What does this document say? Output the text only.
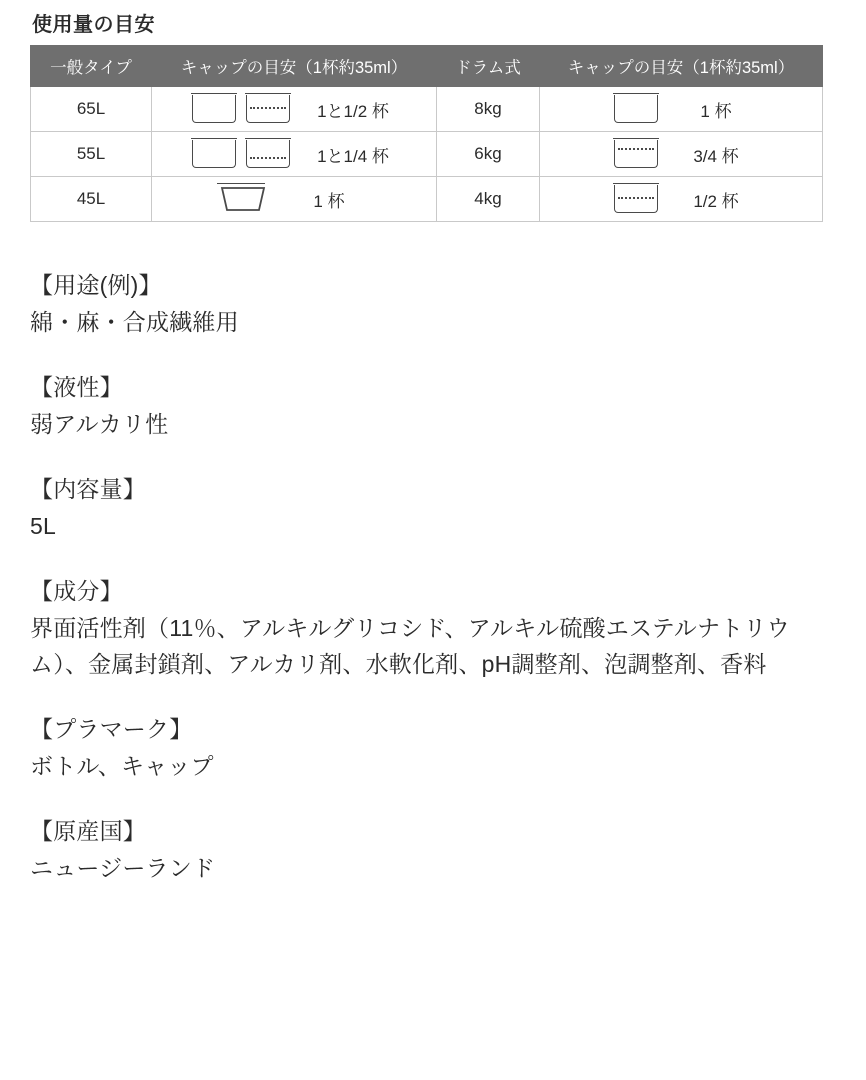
使用量の目安
一般タイプ	キャップの目安（1杯約35ml）	ドラム式	キャップの目安（1杯約35ml）
65L	1と1/2 杯	8kg	1 杯

55L	1と1/4 杯	6kg	3/4 杯

45L	1 杯	4kg	1/2 杯

【用途(例)】

綿・麻・合成繊維用

【液性】

弱アルカリ性

【内容量】

5L

【成分】

界面活性剤（11％、アルキルグリコシド、アルキル硫酸エステルナトリウム）、金属封鎖剤、アルカリ剤、水軟化剤、pH調整剤、泡調整剤、香料

【プラマーク】

ボトル、キャップ

【原産国】

ニュージーランド
